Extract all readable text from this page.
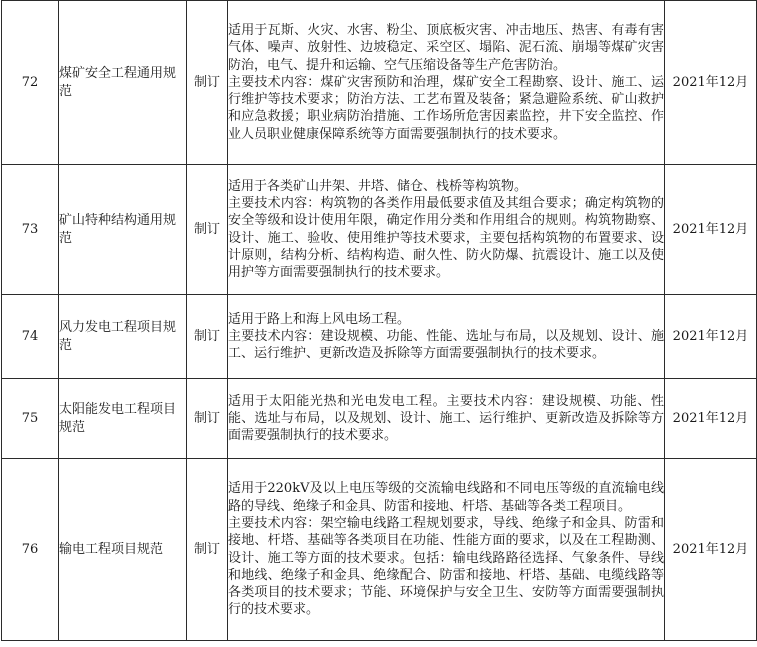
72	煤矿安全工程通用规范	制订	适用于瓦斯、火灾、水害、粉尘、顶底板灾害、冲击地压、热害、有毒有害气体、噪声、放射性、边坡稳定、采空区、塌陷、泥石流、崩塌等煤矿灾害防治，电气、提升和运输、空气压缩设备等生产危害防治。
主要技术内容：煤矿灾害预防和治理，煤矿安全工程勘察、设计、施工、运行维护等技术要求；防治方法、工艺布置及装备；紧急避险系统、矿山救护和应急救援；职业病防治措施、工作场所危害因素监控，井下安全监控、作业人员职业健康保障系统等方面需要强制执行的技术要求。	2021年12月
73	矿山特种结构通用规范	制订	适用于各类矿山井架、井塔、储仓、栈桥等构筑物。
主要技术内容：构筑物的各类作用最低要求值及其组合要求；确定构筑物的安全等级和设计使用年限，确定作用分类和作用组合的规则。构筑物勘察、设计、施工、验收、使用维护等技术要求，主要包括构筑物的布置要求、设计原则，结构分析、结构构造、耐久性、防火防爆、抗震设计、施工以及使用护等方面需要强制执行的技术要求。	2021年12月
74	风力发电工程项目规范	制订	适用于路上和海上风电场工程。
主要技术内容：建设规模、功能、性能、选址与布局，以及规划、设计、施工、运行维护、更新改造及拆除等方面需要强制执行的技术要求。	2021年12月
75	太阳能发电工程项目规范	制订	适用于太阳能光热和光电发电工程。主要技术内容：建设规模、功能、性能、选址与布局，以及规划、设计、施工、运行维护、更新改造及拆除等方面需要强制执行的技术要求。	2021年12月
76	输电工程项目规范	制订	适用于220kV及以上电压等级的交流输电线路和不同电压等级的直流输电线路的导线、绝缘子和金具、防雷和接地、杆塔、基础等各类工程项目。
主要技术内容：架空输电线路工程规划要求，导线、绝缘子和金具、防雷和接地、杆塔、基础等各类项目在功能、性能方面的要求，以及在工程勘测、设计、施工等方面的技术要求。包括：输电线路路径选择、气象条件、导线和地线、绝缘子和金具、绝缘配合、防雷和接地、杆塔、基础、电缆线路等各类项目的技术要求；节能、环境保护与安全卫生、安防等方面需要强制执行的技术要求。	2021年12月
